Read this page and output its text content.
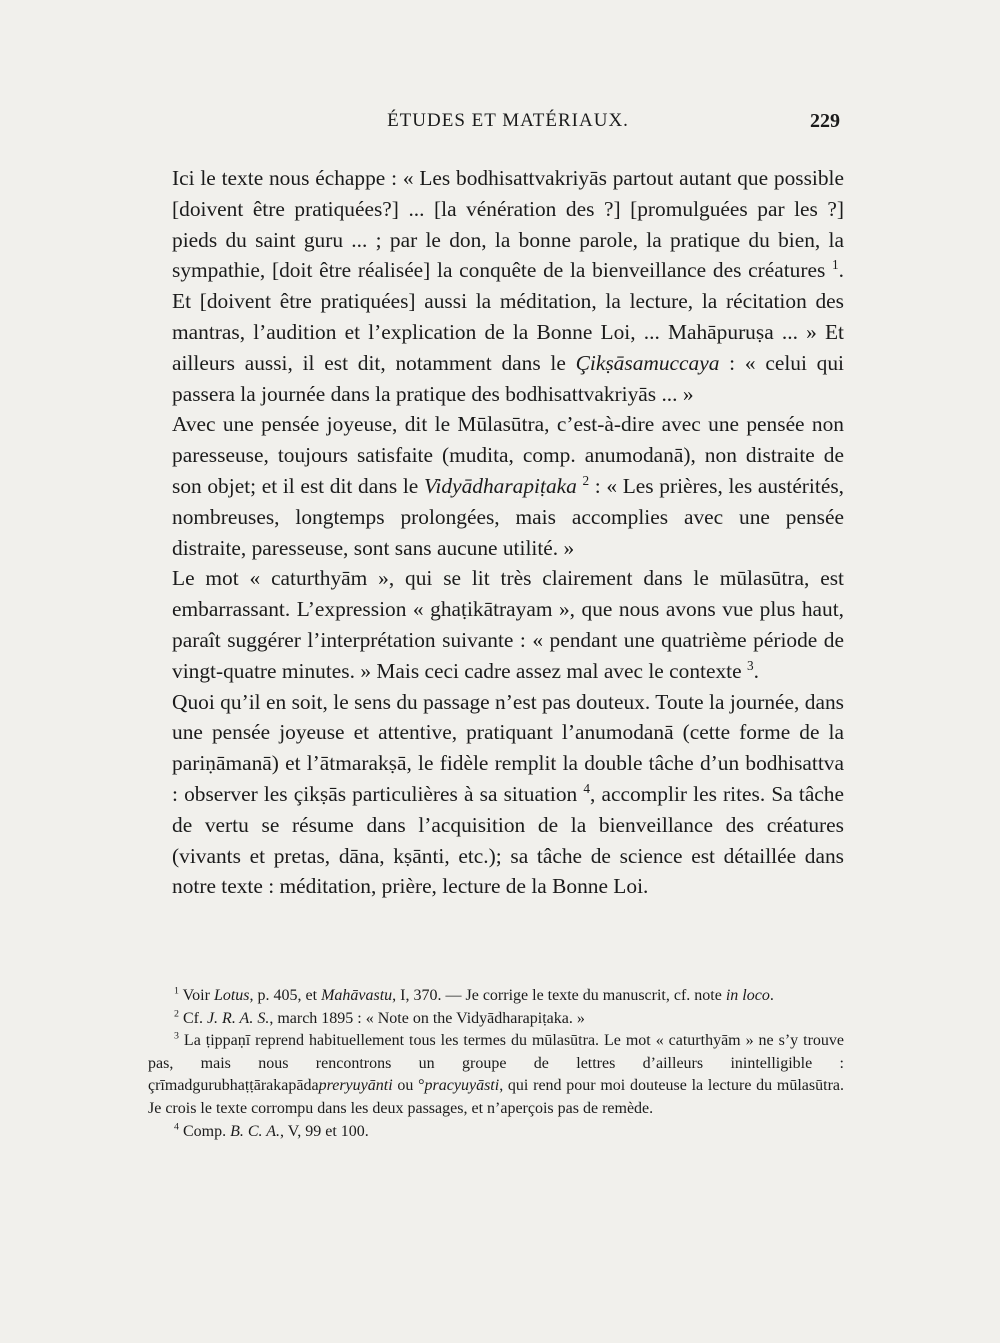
ÉTUDES ET MATÉRIAUX.	229

Ici le texte nous échappe : « Les bodhisattvakriyās partout autant que possible [doivent être pratiquées?] ... [la vénération des ?] [promulguées par les ?] pieds du saint guru ... ; par le don, la bonne parole, la pratique du bien, la sympathie, [doit être réalisée] la conquête de la bienveillance des créatures $^1$. Et [doivent être pratiquées] aussi la méditation, la lecture, la récitation des mantras, l’audition et l’explication de la Bonne Loi, ... Mahāpuruṣa ... » Et ailleurs aussi, il est dit, notamment dans le Çikṣāsamuccaya : « celui qui passera la journée dans la pratique des bodhisattvakriyās ... »

Avec une pensée joyeuse, dit le Mūlasūtra, c’est-à-dire avec une pensée non paresseuse, toujours satisfaite (mudita, comp. anumodanā), non distraite de son objet; et il est dit dans le Vidyādharapiṭaka $^2$ : « Les prières, les austérités, nombreuses, longtemps prolongées, mais accomplies avec une pensée distraite, paresseuse, sont sans aucune utilité. »

Le mot « caturthyām », qui se lit très clairement dans le mūlasūtra, est embarrassant. L’expression « ghaṭikātrayam », que nous avons vue plus haut, paraît suggérer l’interprétation suivante : « pendant une quatrième période de vingt-quatre minutes. » Mais ceci cadre assez mal avec le contexte $^3$.

Quoi qu’il en soit, le sens du passage n’est pas douteux. Toute la journée, dans une pensée joyeuse et attentive, pratiquant l’anumodanā (cette forme de la pariṇāmanā) et l’ātmarakṣā, le fidèle remplit la double tâche d’un bodhisattva : observer les çikṣās particulières à sa situation $^4$, accomplir les rites. Sa tâche de vertu se résume dans l’acquisition de la bienveillance des créatures (vivants et pretas, dāna, kṣānti, etc.); sa tâche de science est détaillée dans notre texte : méditation, prière, lecture de la Bonne Loi.

$^1$ Voir Lotus, p. 405, et Mahāvastu, I, 370. — Je corrige le texte du manuscrit, cf. note in loco.

$^2$ Cf. J. R. A. S., march 1895 : « Note on the Vidyādharapiṭaka. »

$^3$ La ṭippaṇī reprend habituellement tous les termes du mūlasūtra. Le mot « caturthyām » ne s’y trouve pas, mais nous rencontrons un groupe de lettres d’ailleurs inintelligible : çrīmadgurubhaṭṭārakapādapreryuyānti ou °pracyuyāsti, qui rend pour moi douteuse la lecture du mūlasūtra. Je crois le texte corrompu dans les deux passages, et n’aperçois pas de remède.

$^4$ Comp. B. C. A., V, 99 et 100.
